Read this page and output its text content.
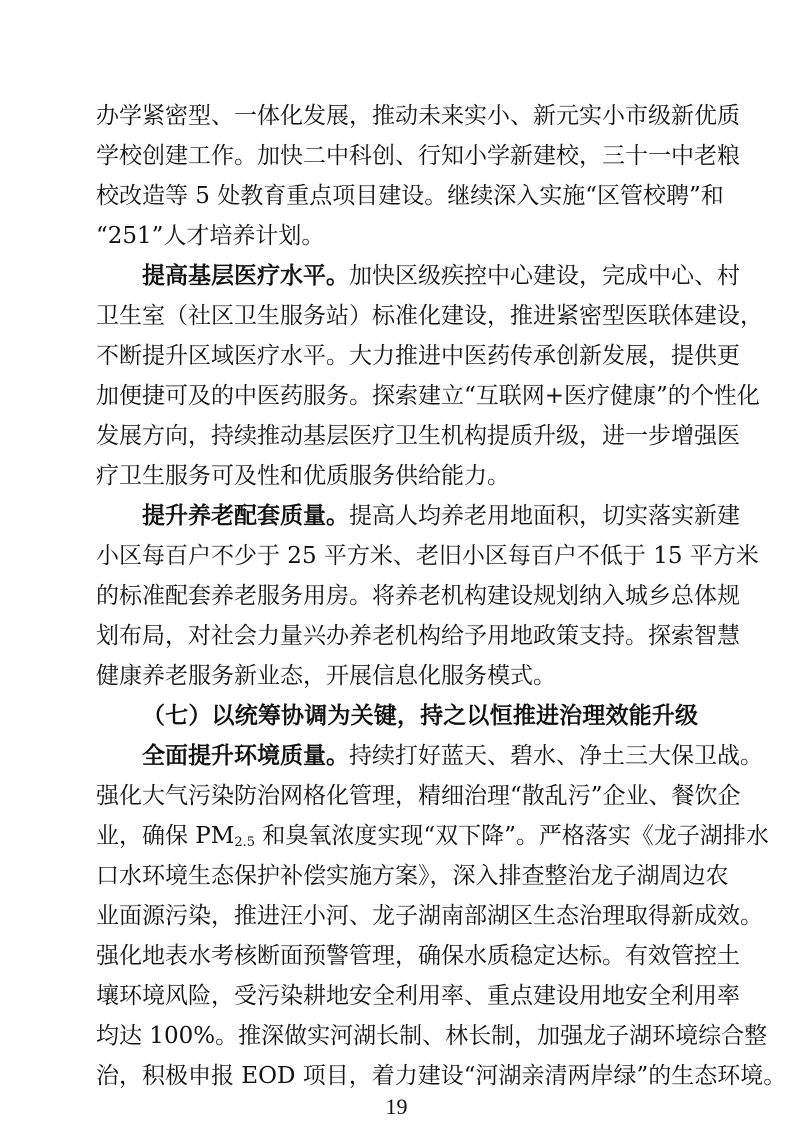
办学紧密型、一体化发展，推动未来实小、新元实小市级新优质
学校创建工作。加快二中科创、行知小学新建校，三十一中老粮
校改造等 5 处教育重点项目建设。继续深入实施“区管校聘”和
“251”人才培养计划。
提高基层医疗水平。加快区级疾控中心建设，完成中心、村
卫生室（社区卫生服务站）标准化建设，推进紧密型医联体建设，
不断提升区域医疗水平。大力推进中医药传承创新发展，提供更
加便捷可及的中医药服务。探索建立“互联网+医疗健康”的个性化
发展方向，持续推动基层医疗卫生机构提质升级，进一步增强医
疗卫生服务可及性和优质服务供给能力。
提升养老配套质量。提高人均养老用地面积，切实落实新建
小区每百户不少于 25 平方米、老旧小区每百户不低于 15 平方米
的标准配套养老服务用房。将养老机构建设规划纳入城乡总体规
划布局，对社会力量兴办养老机构给予用地政策支持。探索智慧
健康养老服务新业态，开展信息化服务模式。
（七）以统筹协调为关键，持之以恒推进治理效能升级
全面提升环境质量。持续打好蓝天、碧水、净土三大保卫战。
强化大气污染防治网格化管理，精细治理“散乱污”企业、餐饮企
业，确保 $PM_{2.5}$ 和臭氧浓度实现“双下降”。严格落实《龙子湖排水
口水环境生态保护补偿实施方案》，深入排查整治龙子湖周边农
业面源污染，推进汪小河、龙子湖南部湖区生态治理取得新成效。
强化地表水考核断面预警管理，确保水质稳定达标。有效管控土
壤环境风险，受污染耕地安全利用率、重点建设用地安全利用率
19
均达 100%。推深做实河湖长制、林长制，加强龙子湖环境综合整
治，积极申报 EOD 项目，着力建设“河湖亲清两岸绿”的生态环境。
